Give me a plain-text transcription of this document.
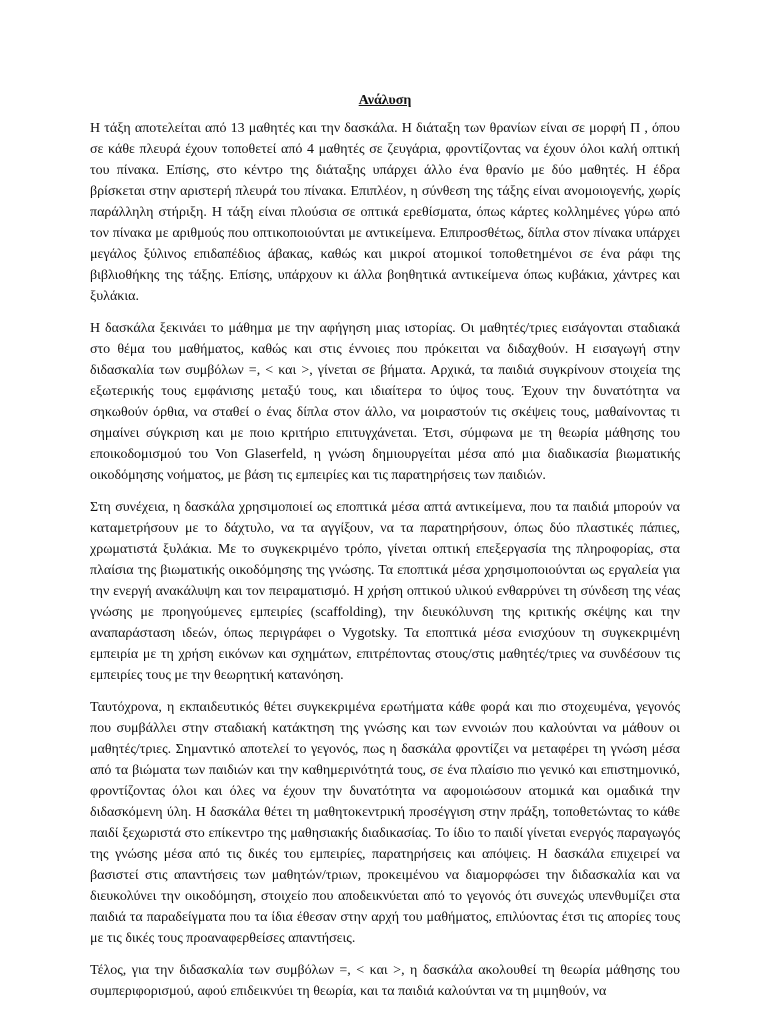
Ανάλυση

Η τάξη αποτελείται από 13 μαθητές και την δασκάλα. Η διάταξη των θρανίων είναι σε μορφή Π , όπου σε κάθε πλευρά έχουν τοποθετεί από 4 μαθητές σε ζευγάρια, φροντίζοντας να έχουν όλοι καλή οπτική του πίνακα. Επίσης, στο κέντρο της διάταξης υπάρχει άλλο ένα θρανίο με δύο μαθητές. Η έδρα βρίσκεται στην αριστερή πλευρά του πίνακα. Επιπλέον, η σύνθεση της τάξης είναι ανομοιογενής, χωρίς παράλληλη στήριξη. Η τάξη είναι πλούσια σε οπτικά ερεθίσματα, όπως κάρτες κολλημένες γύρω από τον πίνακα με αριθμούς που οπτικοποιούνται με αντικείμενα. Επιπροσθέτως, δίπλα στον πίνακα υπάρχει μεγάλος ξύλινος επιδαπέδιος άβακας, καθώς και μικροί ατομικοί τοποθετημένοι σε ένα ράφι της βιβλιοθήκης της τάξης. Επίσης, υπάρχουν κι άλλα βοηθητικά αντικείμενα όπως κυβάκια, χάντρες και ξυλάκια.

Η δασκάλα ξεκινάει το μάθημα με την αφήγηση μιας ιστορίας. Οι μαθητές/τριες εισάγονται σταδιακά στο θέμα του μαθήματος, καθώς και στις έννοιες που πρόκειται να διδαχθούν. Η εισαγωγή στην διδασκαλία των συμβόλων =, < και >, γίνεται σε βήματα. Αρχικά, τα παιδιά συγκρίνουν στοιχεία της εξωτερικής τους εμφάνισης μεταξύ τους, και ιδιαίτερα το ύψος τους. Έχουν την δυνατότητα να σηκωθούν όρθια, να σταθεί ο ένας δίπλα στον άλλο, να μοιραστούν τις σκέψεις τους, μαθαίνοντας τι σημαίνει σύγκριση και με ποιο κριτήριο επιτυγχάνεται. Έτσι, σύμφωνα με τη θεωρία μάθησης του εποικοδομισμού του Von Glaserfeld, η γνώση δημιουργείται μέσα από μια διαδικασία βιωματικής οικοδόμησης νοήματος, με βάση τις εμπειρίες και τις παρατηρήσεις των παιδιών.

Στη συνέχεια, η δασκάλα χρησιμοποιεί ως εποπτικά μέσα απτά αντικείμενα, που τα παιδιά μπορούν να καταμετρήσουν με το δάχτυλο, να τα αγγίξουν, να τα παρατηρήσουν, όπως δύο πλαστικές πάπιες, χρωματιστά ξυλάκια. Με το συγκεκριμένο τρόπο, γίνεται οπτική επεξεργασία της πληροφορίας, στα πλαίσια της βιωματικής οικοδόμησης της γνώσης. Τα εποπτικά μέσα χρησιμοποιούνται ως εργαλεία για την ενεργή ανακάλυψη και τον πειραματισμό. Η χρήση οπτικού υλικού ενθαρρύνει τη σύνδεση της νέας γνώσης με προηγούμενες εμπειρίες (scaffolding), την διευκόλυνση της κριτικής σκέψης και την αναπαράσταση ιδεών, όπως περιγράφει ο Vygotsky. Τα εποπτικά μέσα ενισχύουν τη συγκεκριμένη εμπειρία με τη χρήση εικόνων και σχημάτων, επιτρέποντας στους/στις μαθητές/τριες να συνδέσουν τις εμπειρίες τους με την θεωρητική κατανόηση.

Ταυτόχρονα, η εκπαιδευτικός θέτει συγκεκριμένα ερωτήματα κάθε φορά και πιο στοχευμένα, γεγονός που συμβάλλει στην σταδιακή κατάκτηση της γνώσης και των εννοιών που καλούνται να μάθουν οι μαθητές/τριες. Σημαντικό αποτελεί το γεγονός, πως η δασκάλα φροντίζει να μεταφέρει τη γνώση μέσα από τα βιώματα των παιδιών και την καθημερινότητά τους, σε ένα πλαίσιο πιο γενικό και επιστημονικό, φροντίζοντας όλοι και όλες να έχουν την δυνατότητα να αφομοιώσουν ατομικά και ομαδικά την διδασκόμενη ύλη. Η δασκάλα θέτει τη μαθητοκεντρική προσέγγιση στην πράξη, τοποθετώντας το κάθε παιδί ξεχωριστά στο επίκεντρο της μαθησιακής διαδικασίας. Το ίδιο το παιδί γίνεται ενεργός παραγωγός της γνώσης μέσα από τις δικές του εμπειρίες, παρατηρήσεις και απόψεις. Η δασκάλα επιχειρεί να βασιστεί στις απαντήσεις των μαθητών/τριων, προκειμένου να διαμορφώσει την διδασκαλία και να διευκολύνει την οικοδόμηση, στοιχείο που αποδεικνύεται από το γεγονός ότι συνεχώς υπενθυμίζει στα παιδιά τα παραδείγματα που τα ίδια έθεσαν στην αρχή του μαθήματος, επιλύοντας έτσι τις απορίες τους με τις δικές τους προαναφερθείσες απαντήσεις.

Τέλος, για την διδασκαλία των συμβόλων =, < και >, η δασκάλα ακολουθεί τη θεωρία μάθησης του συμπεριφορισμού, αφού επιδεικνύει τη θεωρία, και τα παιδιά καλούνται να τη μιμηθούν, να
